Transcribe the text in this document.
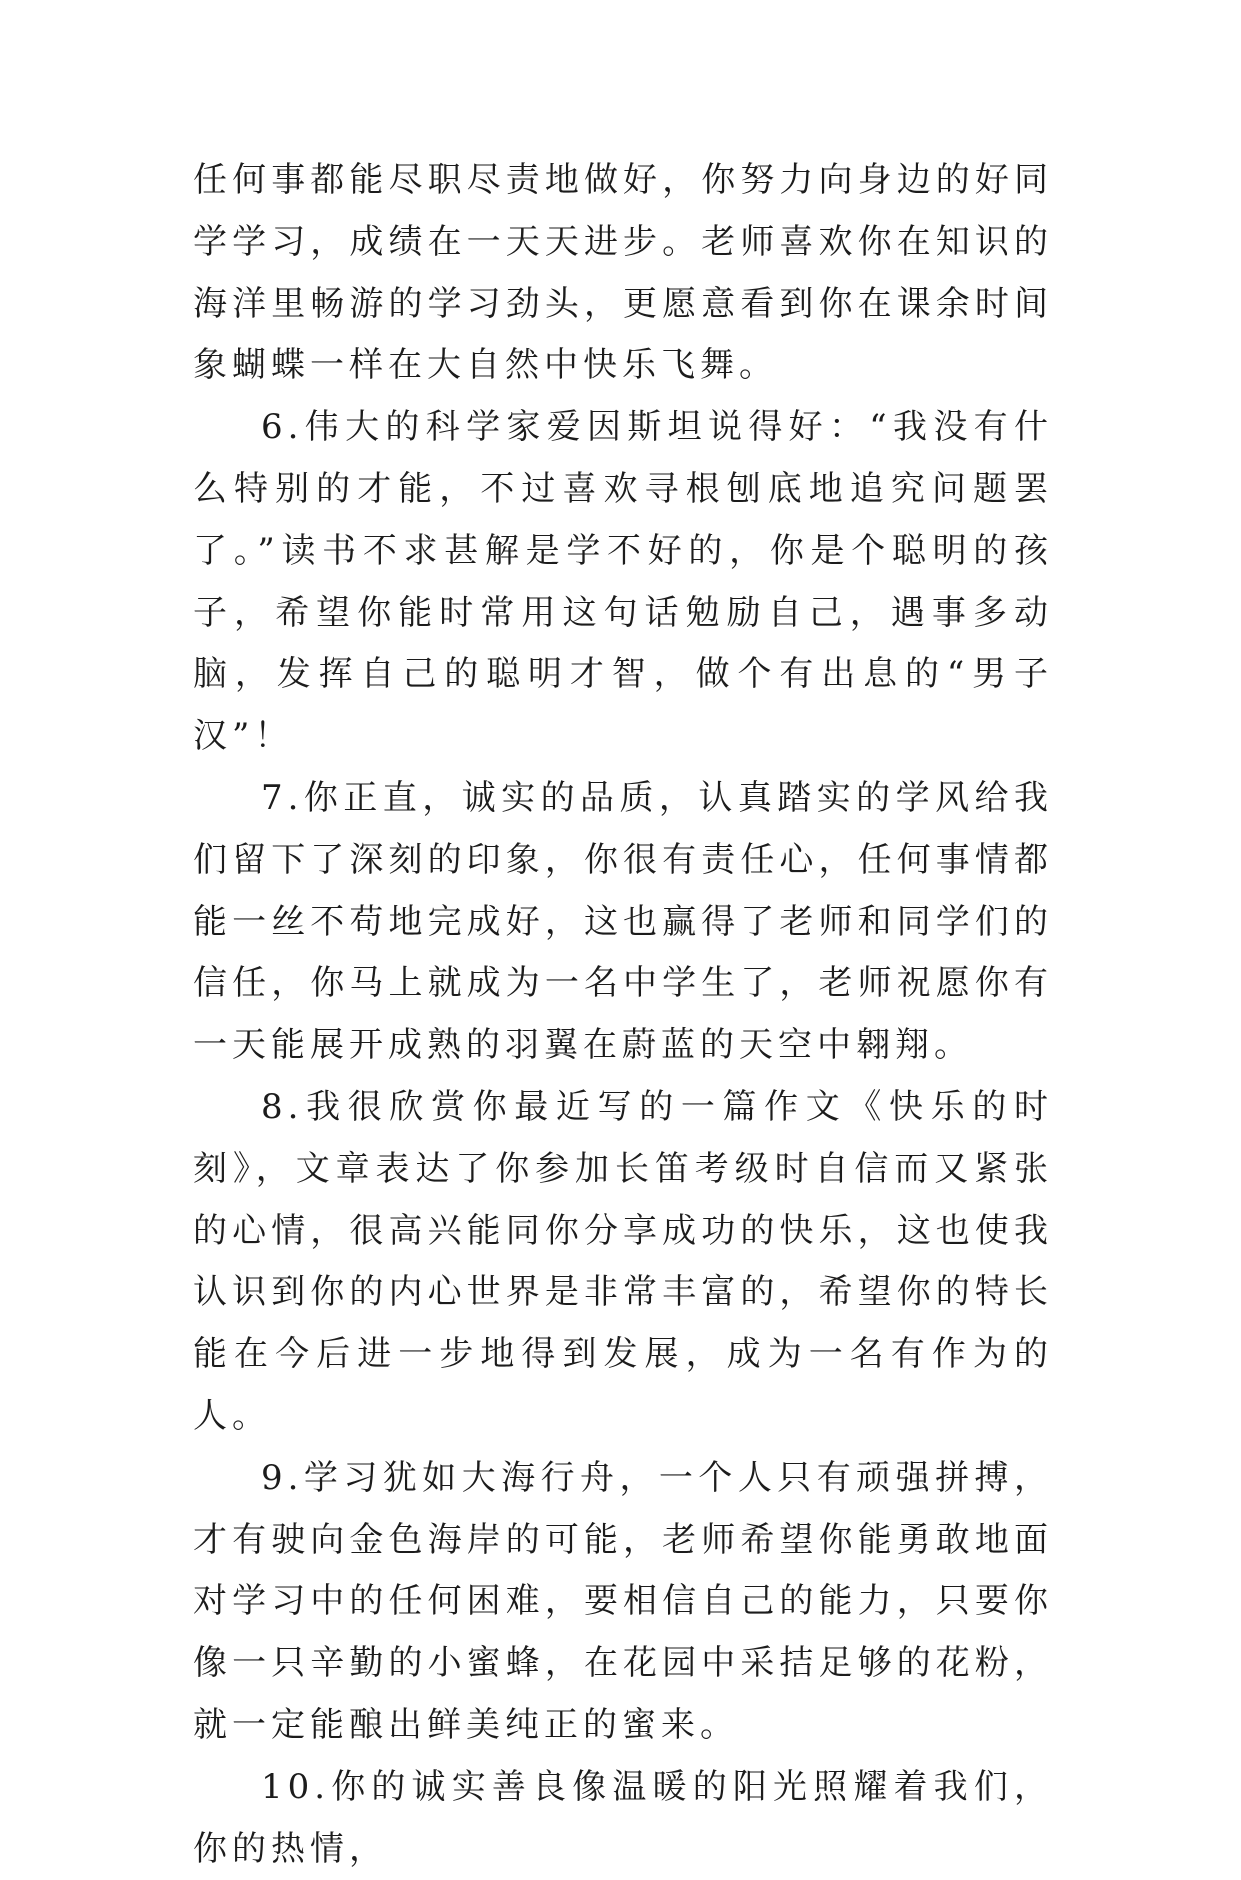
任何事都能尽职尽责地做好，你努力向身边的好同学学习，成绩在一天天进步。老师喜欢你在知识的海洋里畅游的学习劲头，更愿意看到你在课余时间象蝴蝶一样在大自然中快乐飞舞。

6.伟大的科学家爱因斯坦说得好：“我没有什么特别的才能，不过喜欢寻根刨底地追究问题罢了。”读书不求甚解是学不好的，你是个聪明的孩子，希望你能时常用这句话勉励自己，遇事多动脑，发挥自己的聪明才智，做个有出息的“男子汉”！

7.你正直，诚实的品质，认真踏实的学风给我们留下了深刻的印象，你很有责任心，任何事情都能一丝不苟地完成好，这也赢得了老师和同学们的信任，你马上就成为一名中学生了，老师祝愿你有一天能展开成熟的羽翼在蔚蓝的天空中翱翔。

8.我很欣赏你最近写的一篇作文《快乐的时刻》，文章表达了你参加长笛考级时自信而又紧张的心情，很高兴能同你分享成功的快乐，这也使我认识到你的内心世界是非常丰富的，希望你的特长能在今后进一步地得到发展，成为一名有作为的人。

9.学习犹如大海行舟，一个人只有顽强拼搏，才有驶向金色海岸的可能，老师希望你能勇敢地面对学习中的任何困难，要相信自己的能力，只要你像一只辛勤的小蜜蜂，在花园中采拮足够的花粉，就一定能酿出鲜美纯正的蜜来。

10.你的诚实善良像温暖的阳光照耀着我们，你的热情，
